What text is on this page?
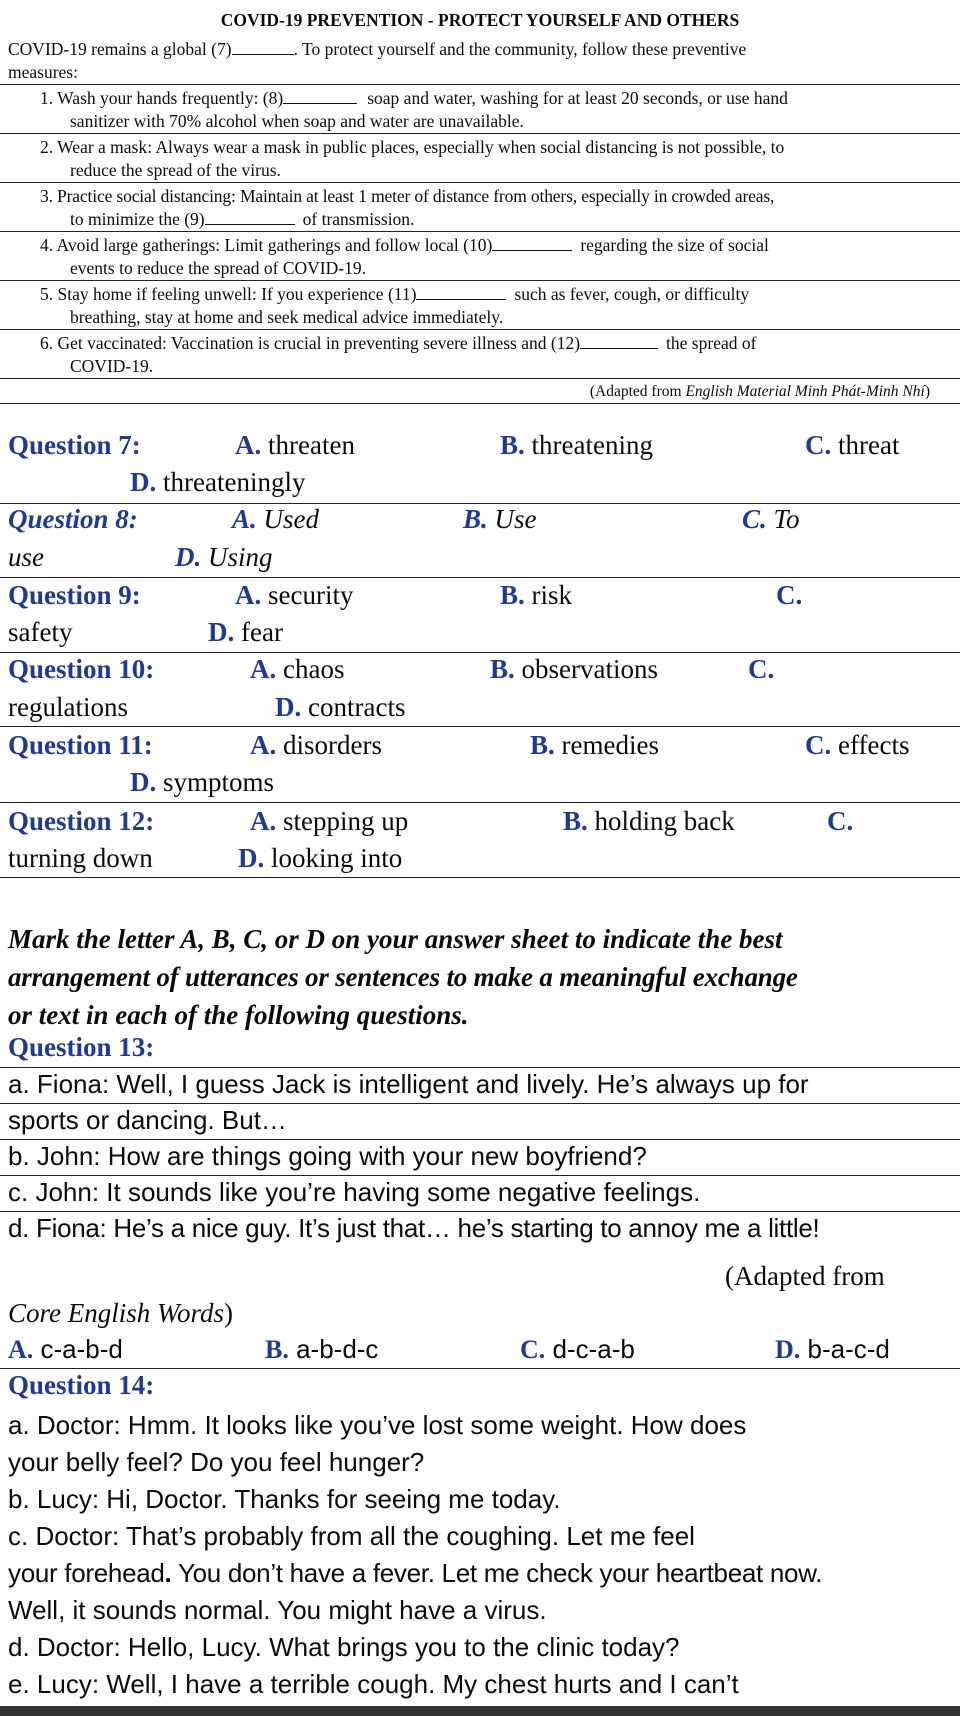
COVID-19 PREVENTION - PROTECT YOURSELF AND OTHERS
COVID-19 remains a global (7)	. To protect yourself and the community, follow these preventive
measures:
1. Wash your hands frequently: (8)	soap and water, washing for at least 20 seconds, or use hand
sanitizer with 70% alcohol when soap and water are unavailable.
2. Wear a mask: Always wear a mask in public places, especially when social distancing is not possible, to
reduce the spread of the virus.
3. Practice social distancing: Maintain at least 1 meter of distance from others, especially in crowded areas,
to minimize the (9)	of transmission.
4. Avoid large gatherings: Limit gatherings and follow local (10)	regarding the size of social
events to reduce the spread of COVID-19.
5. Stay home if feeling unwell: If you experience (11)	such as fever, cough, or difficulty
breathing, stay at home and seek medical advice immediately.
6. Get vaccinated: Vaccination is crucial in preventing severe illness and (12)	the spread of
COVID-19.
(Adapted from English Material Minh Phát-Minh Nhí)
Question 7:	A. threaten	B. threatening	C. threat
D. threateningly
Question 8:	A. Used	B. Use	C. To
use	D. Using
Question 9:	A. security	B. risk	C.
safety	D. fear
Question 10:	A. chaos	B. observations	C.
regulations	D. contracts
Question 11:	A. disorders	B. remedies	C. effects
D. symptoms
Question 12:	A. stepping up	B. holding back	C.
turning down	D. looking into
Mark the letter A, B, C, or D on your answer sheet to indicate the best
arrangement of utterances or sentences to make a meaningful exchange
or text in each of the following questions.
Question 13:
a. Fiona: Well, I guess Jack is intelligent and lively. He’s always up for
sports or dancing. But…
b. John: How are things going with your new boyfriend?
c. John: It sounds like you’re having some negative feelings.
d. Fiona: He’s a nice guy. It’s just that… he’s starting to annoy me a little!
(Adapted from
Core English Words)
A. c-a-b-d	B. a-b-d-c	C. d-c-a-b	D. b-a-c-d
Question 14:
a. Doctor: Hmm. It looks like you’ve lost some weight. How does
your belly feel? Do you feel hunger?
b. Lucy: Hi, Doctor. Thanks for seeing me today.
c. Doctor: That’s probably from all the coughing. Let me feel
your forehead. You don’t have a fever. Let me check your heartbeat now.
Well, it sounds normal. You might have a virus.
d. Doctor: Hello, Lucy. What brings you to the clinic today?
e. Lucy: Well, I have a terrible cough. My chest hurts and I can’t
